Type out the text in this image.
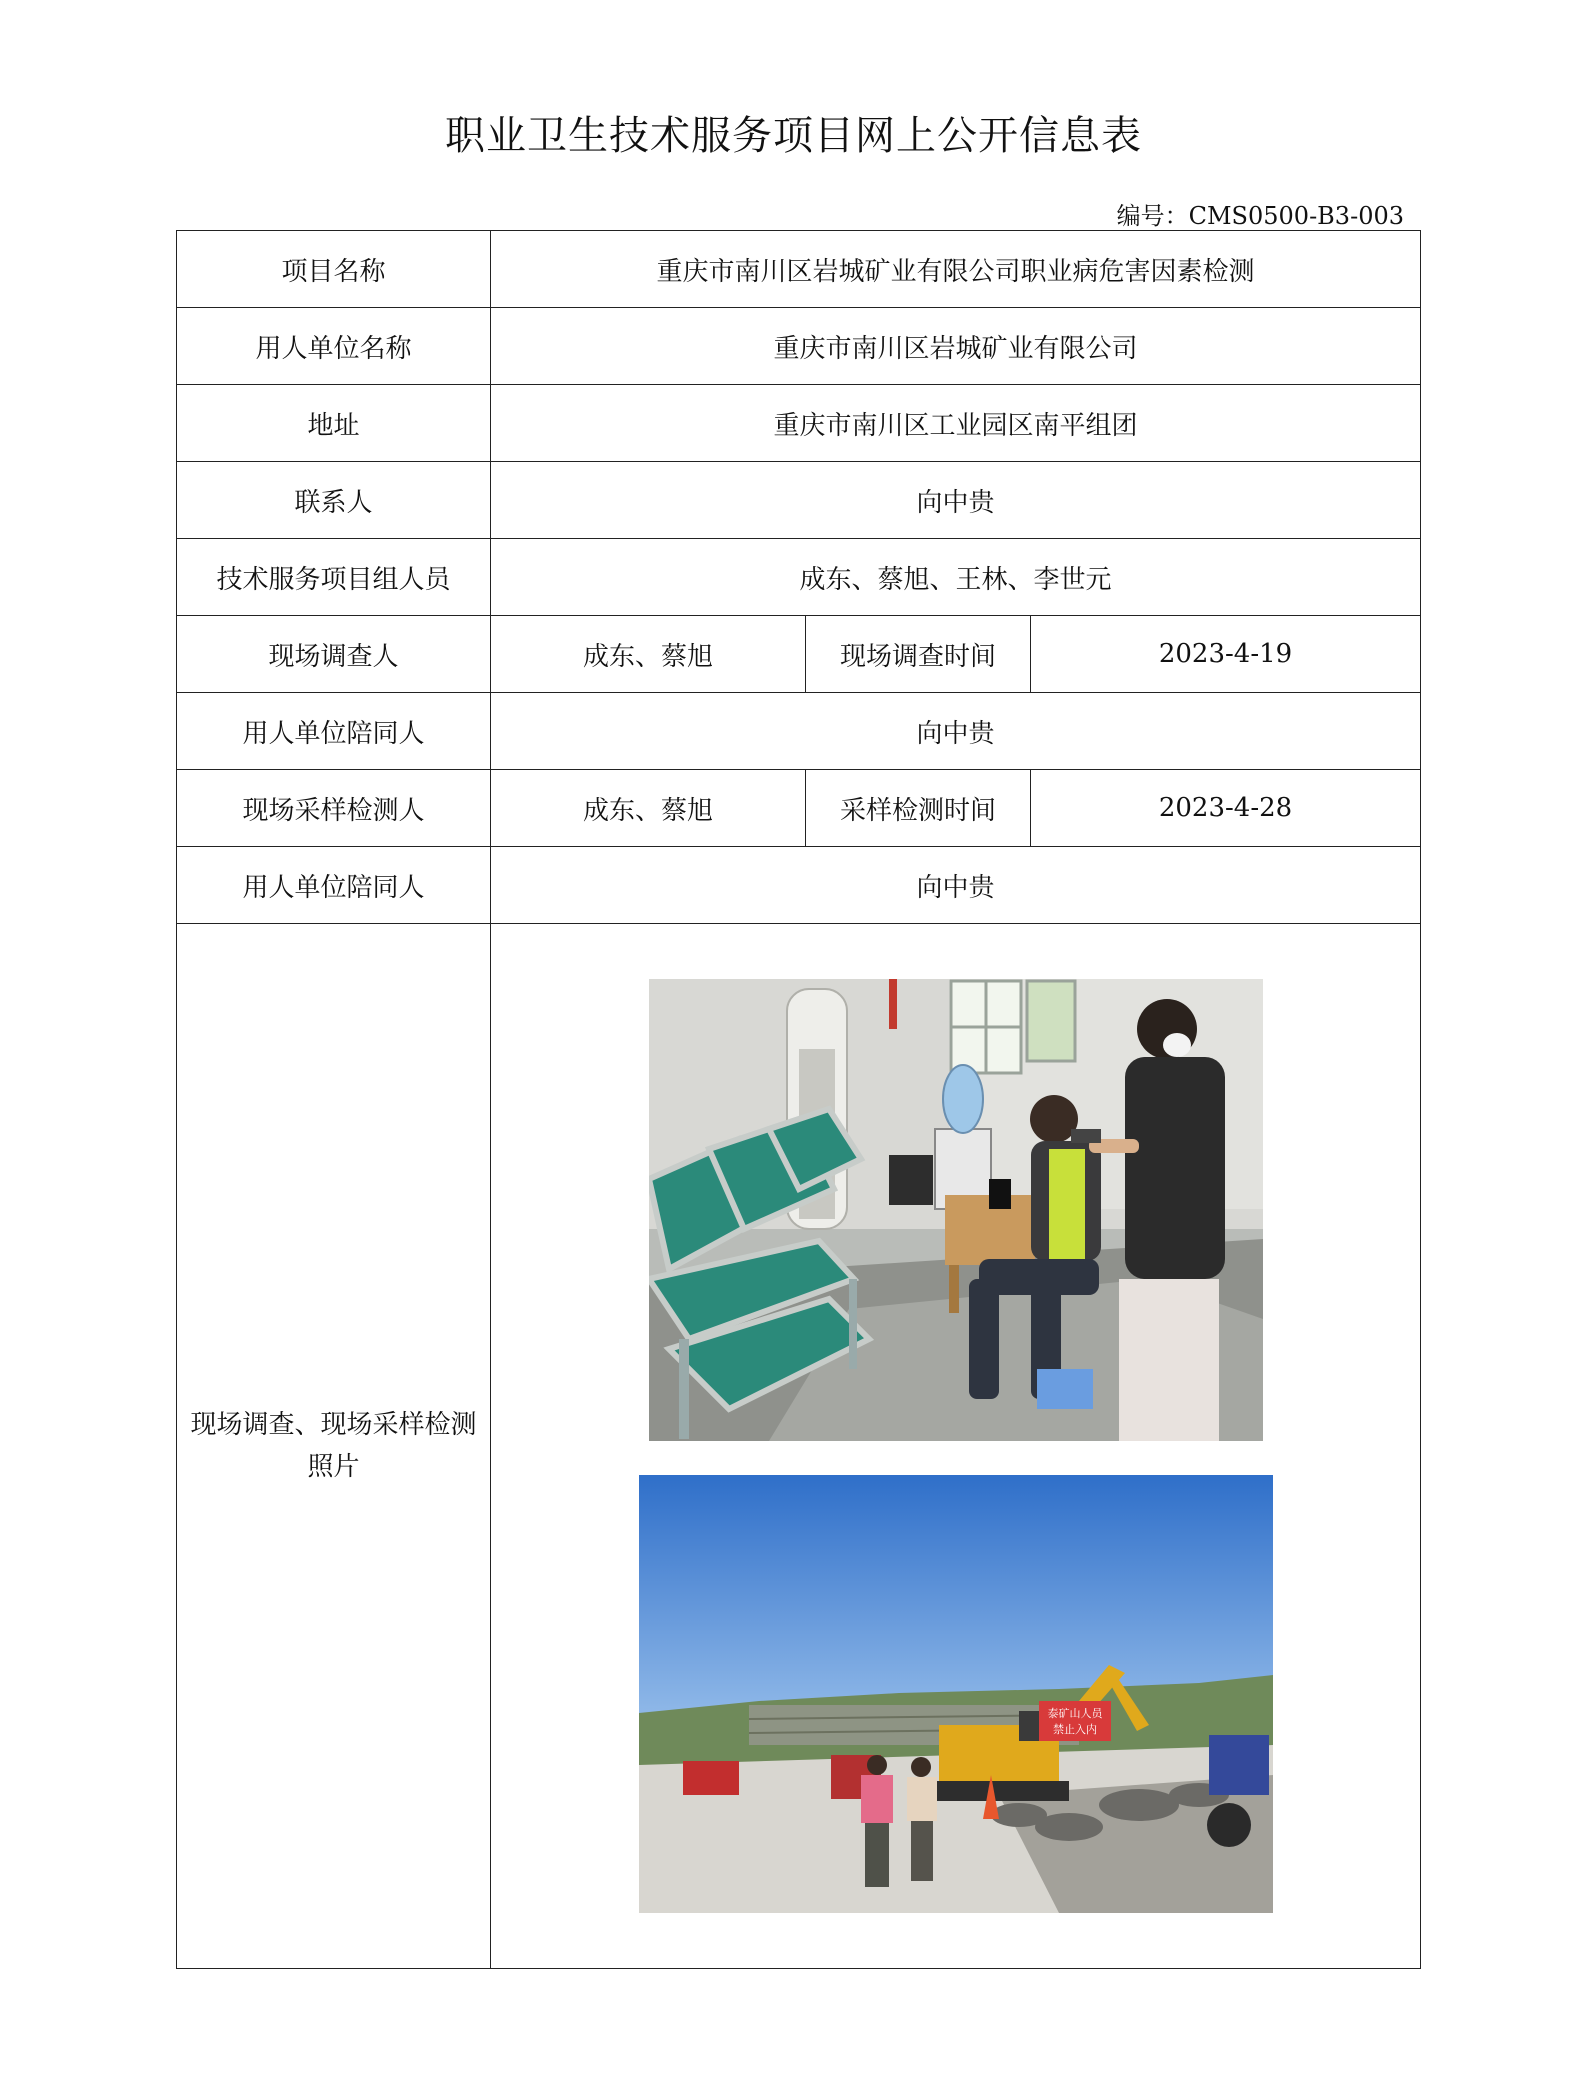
职业卫生技术服务项目网上公开信息表
编号：CMS0500-B3-003
项目名称	重庆市南川区岩城矿业有限公司职业病危害因素检测		
用人单位名称	重庆市南川区岩城矿业有限公司		
地址	重庆市南川区工业园区南平组团		
联系人	向中贵		
技术服务项目组人员	成东、蔡旭、王林、李世元		
现场调查人	成东、蔡旭	现场调查时间	2023-4-19
用人单位陪同人	向中贵		
现场采样检测人	成东、蔡旭	采样检测时间	2023-4-28
用人单位陪同人	向中贵		
现场调查、现场采样检测照片	泰矿山人员
禁止入内		
